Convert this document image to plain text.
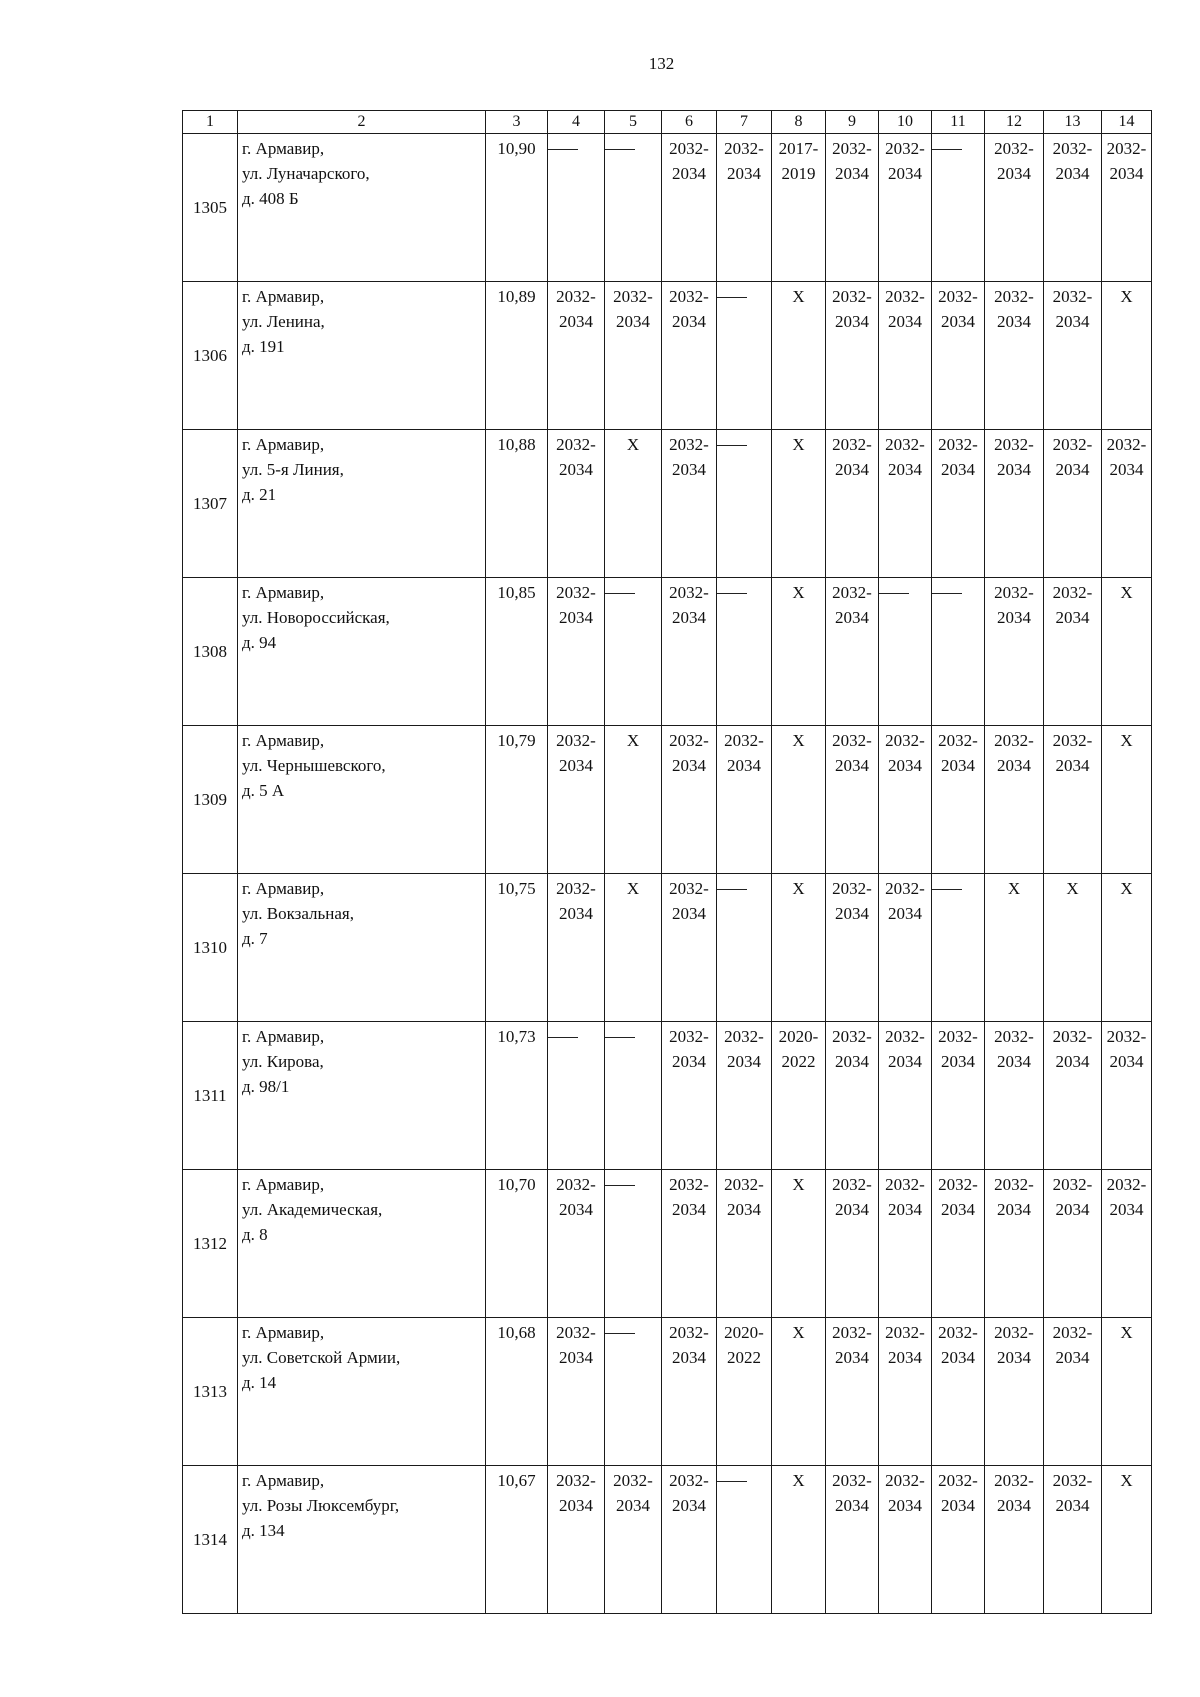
132
1	2	3	4	5	6	7	8	9	10	11	12	13	14
1305	г. Армавир,
ул. Луначарского,
д. 408 Б	10,90			2032-
2034	2032-
2034	2017-
2019	2032-
2034	2032-
2034		2032-
2034	2032-
2034	2032-
2034

1306	г. Армавир,
ул. Ленина,
д. 191	10,89	2032-
2034	2032-
2034	2032-
2034		Х	2032-
2034	2032-
2034	2032-
2034	2032-
2034	2032-
2034	Х
1307	г. Армавир,
ул. 5-я Линия,
д. 21	10,88	2032-
2034	Х	2032-
2034		Х	2032-
2034	2032-
2034	2032-
2034	2032-
2034	2032-
2034	2032-
2034

1308	г. Армавир,
ул. Новороссийская,
д. 94	10,85	2032-
2034		2032-
2034		Х	2032-
2034			2032-
2034	2032-
2034	Х
1309	г. Армавир,
ул. Чернышевского,
д. 5 А	10,79	2032-
2034	Х	2032-
2034	2032-
2034	Х	2032-
2034	2032-
2034	2032-
2034	2032-
2034	2032-
2034	Х
1310	г. Армавир,
ул. Вокзальная,
д. 7	10,75	2032-
2034	Х	2032-
2034		Х	2032-
2034	2032-
2034		Х	Х	Х
1311	г. Армавир,
ул. Кирова,
д. 98/1	10,73			2032-
2034	2032-
2034	2020-
2022	2032-
2034	2032-
2034	2032-
2034	2032-
2034	2032-
2034	2032-
2034

1312	г. Армавир,
ул. Академическая,
д. 8	10,70	2032-
2034		2032-
2034	2032-
2034	Х	2032-
2034	2032-
2034	2032-
2034	2032-
2034	2032-
2034	2032-
2034

1313	г. Армавир,
ул. Советской Армии,
д. 14	10,68	2032-
2034		2032-
2034	2020-
2022	Х	2032-
2034	2032-
2034	2032-
2034	2032-
2034	2032-
2034	Х
1314	г. Армавир,
ул. Розы Люксембург,
д. 134	10,67	2032-
2034	2032-
2034	2032-
2034		Х	2032-
2034	2032-
2034	2032-
2034	2032-
2034	2032-
2034	Х
